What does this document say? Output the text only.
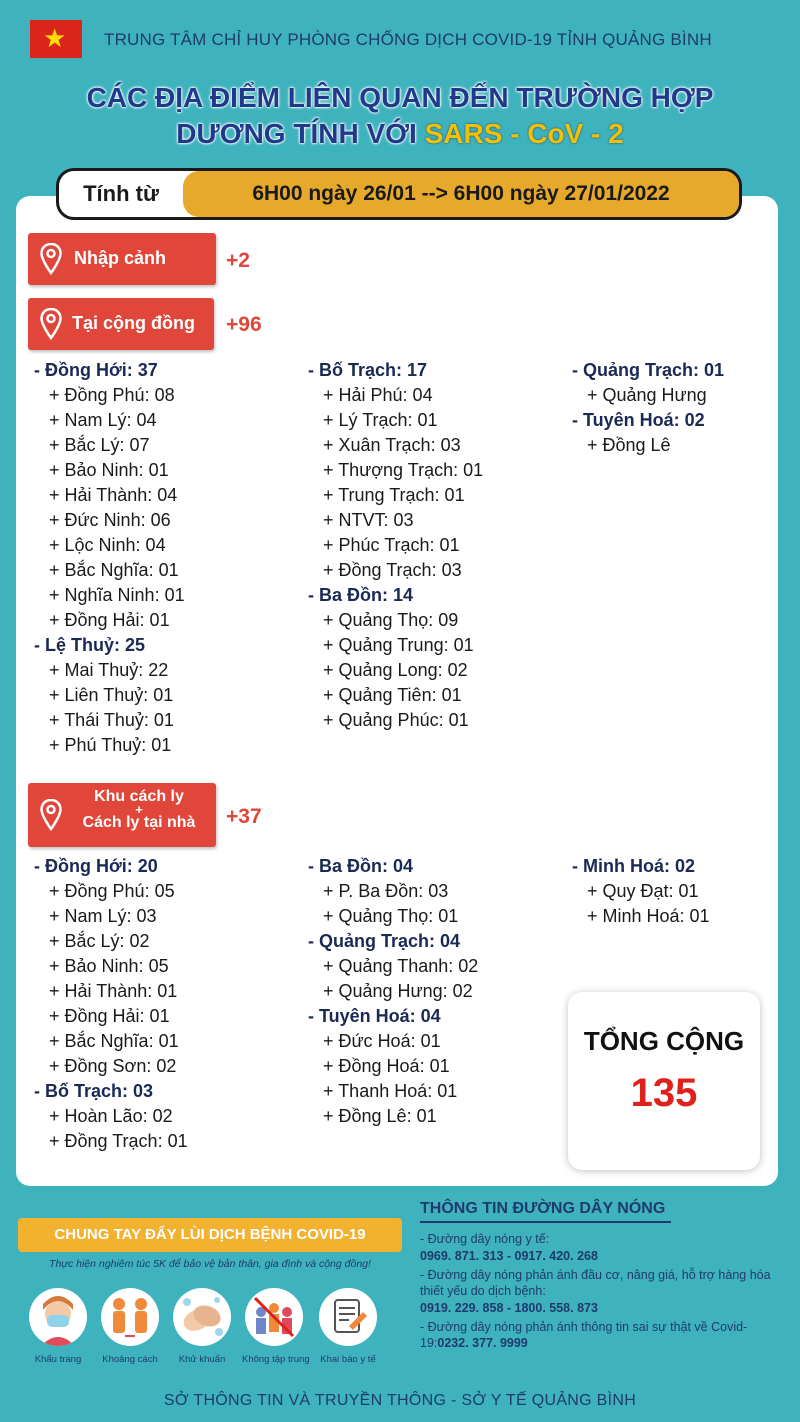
★ TRUNG TÂM CHỈ HUY PHÒNG CHỐNG DỊCH COVID-19 TỈNH QUẢNG BÌNH
CÁC ĐỊA ĐIỂM LIÊN QUAN ĐẾN TRƯỜNG HỢP
DƯƠNG TÍNH VỚI SARS - CoV - 2
Tính từ	6H00 ngày 26/01 --> 6H00 ngày 27/01/2022
Nhập cảnh	+2
Tại cộng đồng +96
- Đồng Hới: 37
+ Đồng Phú: 08
+ Nam Lý: 04
+ Bắc Lý: 07
+ Bảo Ninh: 01
+ Hải Thành: 04
+ Đức Ninh: 06
+ Lộc Ninh: 04
+ Bắc Nghĩa: 01
+ Nghĩa Ninh: 01
+ Đồng Hải: 01
- Lệ Thuỷ: 25
+ Mai Thuỷ: 22
+ Liên Thuỷ: 01
+ Thái Thuỷ: 01
+ Phú Thuỷ: 01
- Bố Trạch: 17
+ Hải Phú: 04
+ Lý Trạch: 01
+ Xuân Trạch: 03
+ Thượng Trạch: 01
+ Trung Trạch: 01
+ NTVT: 03
+ Phúc Trạch: 01
+ Đồng Trạch: 03
- Ba Đồn: 14
+ Quảng Thọ: 09
+ Quảng Trung: 01
+ Quảng Long: 02
+ Quảng Tiên: 01
+ Quảng Phúc: 01
- Quảng Trạch: 01
+ Quảng Hưng
- Tuyên Hoá: 02
+ Đồng Lê
Khu cách ly
+
Cách ly tại nhà	+37
- Đồng Hới: 20
+ Đồng Phú: 05
+ Nam Lý: 03
+ Bắc Lý: 02
+ Bảo Ninh: 05
+ Hải Thành: 01
+ Đồng Hải: 01
+ Bắc Nghĩa: 01
+ Đồng Sơn: 02
- Bố Trạch: 03
+ Hoàn Lão: 02
+ Đồng Trạch: 01
- Ba Đồn: 04
+ P. Ba Đồn: 03
+ Quảng Thọ: 01
- Quảng Trạch: 04
+ Quảng Thanh: 02
+ Quảng Hưng: 02
- Tuyên Hoá: 04
+ Đức Hoá: 01
+ Đồng Hoá: 01
+ Thanh Hoá: 01
+ Đồng Lê: 01
- Minh Hoá: 02
+ Quy Đạt: 01
+ Minh Hoá: 01
TỔNG CỘNG
135
CHUNG TAY ĐẨY LÙI DỊCH BỆNH COVID-19
Thực hiện nghiêm túc 5K để bảo vệ bản thân, gia đình và cộng đồng!
Khẩu trang	Khoảng cách	Khử khuẩn	Không tập trung	Khai báo y tế
THÔNG TIN ĐƯỜNG DÂY NÓNG
- Đường dây nóng y tế:
0969. 871. 313 - 0917. 420. 268
- Đường dây nóng phản ánh đầu cơ, nâng giá, hỗ trợ hàng hóa thiết yếu do dịch bệnh:
0919. 229. 858 - 1800. 558. 873
- Đường dây nóng phản ánh thông tin sai sự thật về Covid-19:0232. 377. 9999
SỞ THÔNG TIN VÀ TRUYỀN THÔNG - SỞ Y TẾ QUẢNG BÌNH
